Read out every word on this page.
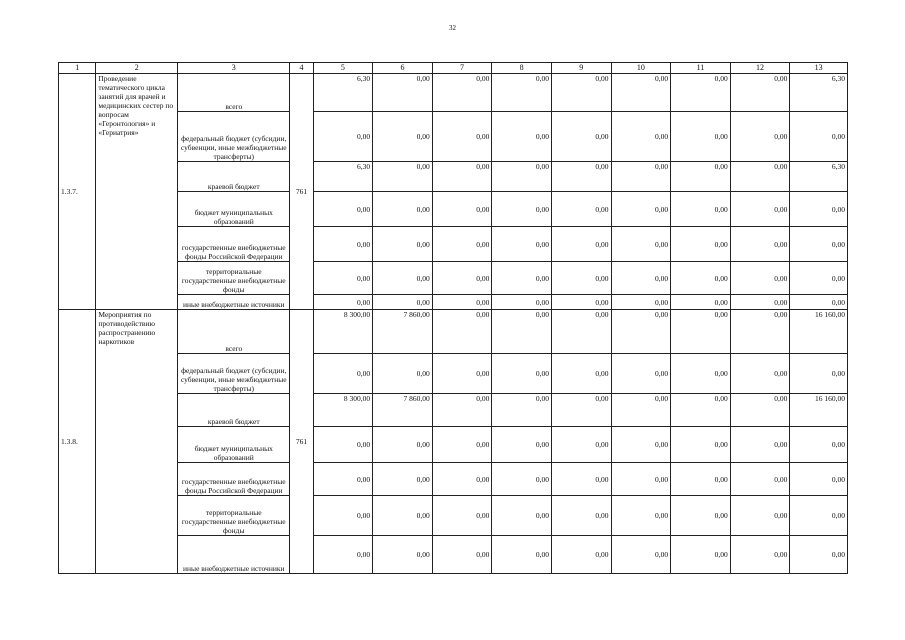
32
1	2	3	4	5	6	7	8	9	10	11	12	13
1.3.7.	Проведение тематического цикла занятий для врачей и медицинских сестер по вопросам «Геронтология» и «Гериатрия»	всего	761	6,30	0,00	0,00	0,00	0,00	0,00	0,00	0,00	6,30
		федеральный бюджет (субсидии, субвенции, иные межбюджетные трансферты)		0,00	0,00	0,00	0,00	0,00	0,00	0,00	0,00	0,00
		краевой бюджет		6,30	0,00	0,00	0,00	0,00	0,00	0,00	0,00	6,30
		бюджет муниципальных образований		0,00	0,00	0,00	0,00	0,00	0,00	0,00	0,00	0,00
		государственные внебюджетные фонды Российской Федерации		0,00	0,00	0,00	0,00	0,00	0,00	0,00	0,00	0,00
		территориальные государственные внебюджетные фонды		0,00	0,00	0,00	0,00	0,00	0,00	0,00	0,00	0,00
		иные внебюджетные источники		0,00	0,00	0,00	0,00	0,00	0,00	0,00	0,00	0,00
1.3.8.	Мероприятия по противодействию распространению наркотиков	всего	761	8 300,00	7 860,00	0,00	0,00	0,00	0,00	0,00	0,00	16 160,00
		федеральный бюджет (субсидии, субвенции, иные межбюджетные трансферты)		0,00	0,00	0,00	0,00	0,00	0,00	0,00	0,00	0,00
		краевой бюджет		8 300,00	7 860,00	0,00	0,00	0,00	0,00	0,00	0,00	16 160,00
		бюджет муниципальных образований		0,00	0,00	0,00	0,00	0,00	0,00	0,00	0,00	0,00
		государственные внебюджетные фонды Российской Федерации		0,00	0,00	0,00	0,00	0,00	0,00	0,00	0,00	0,00
		территориальные государственные внебюджетные фонды		0,00	0,00	0,00	0,00	0,00	0,00	0,00	0,00	0,00
		иные внебюджетные источники		0,00	0,00	0,00	0,00	0,00	0,00	0,00	0,00	0,00
